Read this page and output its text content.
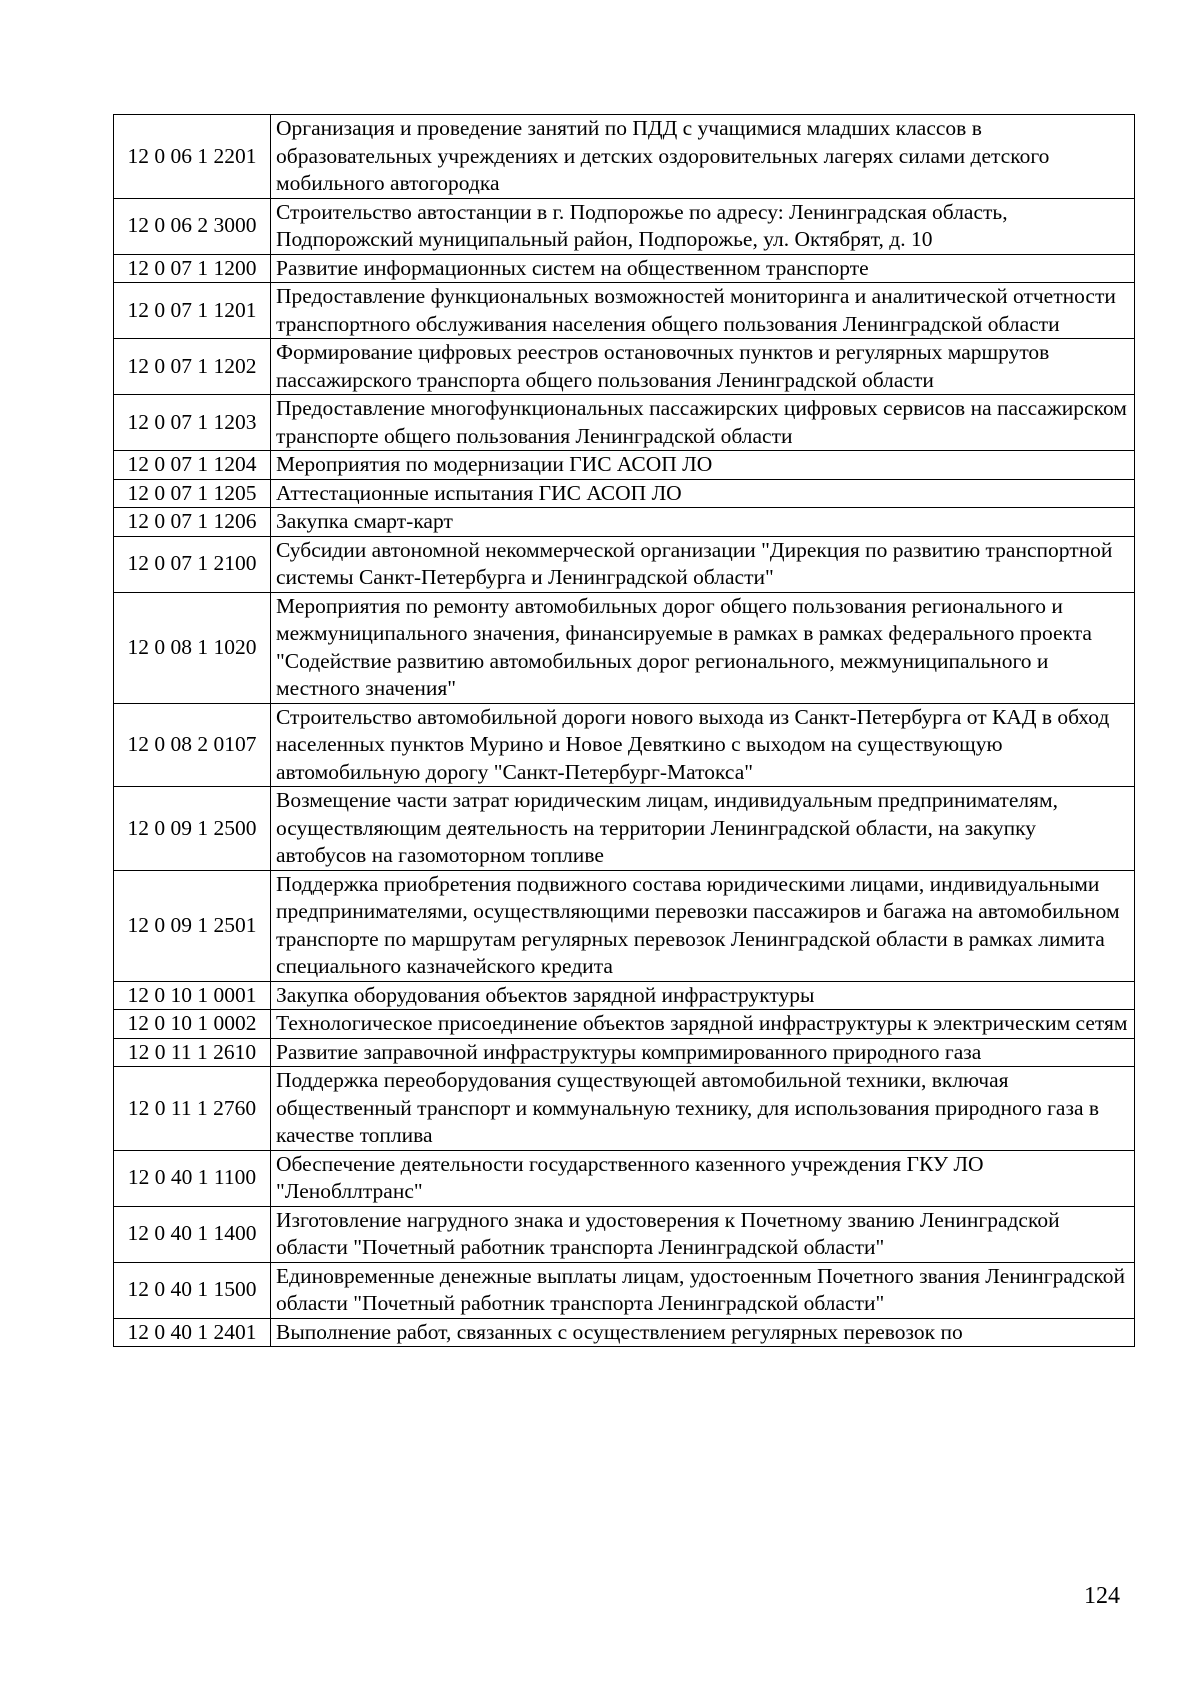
12 0 06 1 2201	Организация и проведение занятий по ПДД с учащимися младших классов в образовательных учреждениях и детских оздоровительных лагерях силами детского мобильного автогородка
12 0 06 2 3000	Строительство автостанции в г. Подпорожье по адресу: Ленинградская область, Подпорожский муниципальный район, Подпорожье, ул. Октябрят, д. 10
12 0 07 1 1200	Развитие информационных систем на общественном транспорте
12 0 07 1 1201	Предоставление функциональных возможностей мониторинга и аналитической отчетности транспортного обслуживания населения общего пользования Ленинградской области
12 0 07 1 1202	Формирование цифровых реестров остановочных пунктов и регулярных маршрутов пассажирского транспорта общего пользования Ленинградской области
12 0 07 1 1203	Предоставление многофункциональных пассажирских цифровых сервисов на пассажирском транспорте общего пользования Ленинградской области
12 0 07 1 1204	Мероприятия по модернизации ГИС АСОП ЛО
12 0 07 1 1205	Аттестационные испытания ГИС АСОП ЛО
12 0 07 1 1206	Закупка смарт-карт
12 0 07 1 2100	Субсидии автономной некоммерческой организации "Дирекция по развитию транспортной системы Санкт-Петербурга и Ленинградской области"
12 0 08 1 1020	Мероприятия по ремонту автомобильных дорог общего пользования регионального и межмуниципального значения, финансируемые в рамках в рамках федерального проекта "Содействие развитию автомобильных дорог регионального, межмуниципального и местного значения"
12 0 08 2 0107	Строительство автомобильной дороги нового выхода из Санкт-Петербурга от КАД в обход населенных пунктов Мурино и Новое Девяткино с выходом на существующую автомобильную дорогу "Санкт-Петербург-Матокса"
12 0 09 1 2500	Возмещение части затрат юридическим лицам, индивидуальным предпринимателям, осуществляющим деятельность на территории Ленинградской области, на закупку автобусов на газомоторном топливе
12 0 09 1 2501	Поддержка приобретения подвижного состава юридическими лицами, индивидуальными предпринимателями, осуществляющими перевозки пассажиров и багажа на автомобильном транспорте по маршрутам регулярных перевозок Ленинградской области в рамках лимита специального казначейского кредита
12 0 10 1 0001	Закупка оборудования объектов зарядной инфраструктуры
12 0 10 1 0002	Технологическое присоединение объектов зарядной инфраструктуры к электрическим сетям
12 0 11 1 2610	Развитие заправочной инфраструктуры компримированного природного газа
12 0 11 1 2760	Поддержка переоборудования существующей автомобильной техники, включая общественный транспорт и коммунальную технику, для использования природного газа в качестве топлива
12 0 40 1 1100	Обеспечение деятельности государственного казенного учреждения ГКУ ЛО "Ленобллтранс"
12 0 40 1 1400	Изготовление нагрудного знака и удостоверения к Почетному званию Ленинградской области "Почетный работник транспорта Ленинградской области"
12 0 40 1 1500	Единовременные денежные выплаты лицам, удостоенным Почетного звания Ленинградской области "Почетный работник транспорта Ленинградской области"
12 0 40 1 2401	Выполнение работ, связанных с осуществлением регулярных перевозок по
124
